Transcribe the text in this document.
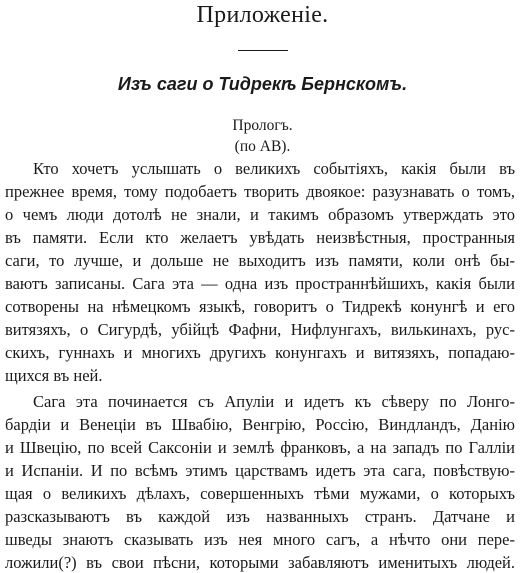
Приложеніе.
Изъ саги о Тидрекѣ Бернскомъ.

Прологъ.

(по AB).

Кто хочетъ услышать о великихъ событіяхъ, какія были въ

прежнее время, тому подобаетъ творить двоякое: разузнавать о томъ,

о чемъ люди дотолѣ не знали, и такимъ образомъ утверждать это

въ памяти. Если кто желаетъ увѣдать неизвѣстныя, пространныя

саги, то лучше, и дольше не выходитъ изъ памяти, коли онѣ бы-

ваютъ записаны. Сага эта — одна изъ пространнѣйшихъ, какія были

сотворены на нѣмецкомъ языкѣ, говоритъ о Тидрекѣ конунгѣ и его

витязяхъ, о Сигурдѣ, убійцѣ Фафни, Нифлунгахъ, вилькинахъ, рус-

скихъ, гуннахъ и многихъ другихъ конунгахъ и витязяхъ, попадаю-

щихся въ ней.

Сага эта починается съ Апуліи и идетъ къ сѣверу по Лонго-

бардіи и Венеціи въ Швабію, Венгрію, Россію, Виндландъ, Данію

и Швецію, по всей Саксоніи и землѣ франковъ, а на западъ по Галліи

и Испаніи. И по всѣмъ этимъ царствамъ идетъ эта сага, повѣствую-

щая о великихъ дѣлахъ, совершенныхъ тѣми мужами, о которыхъ

разсказываютъ въ каждой изъ названныхъ странъ. Датчане и

шведы знаютъ сказывать изъ нея много сагъ, а нѣчто они пере-

ложили(?) въ свои пѣсни, которыми забавляютъ именитыхъ людей.
